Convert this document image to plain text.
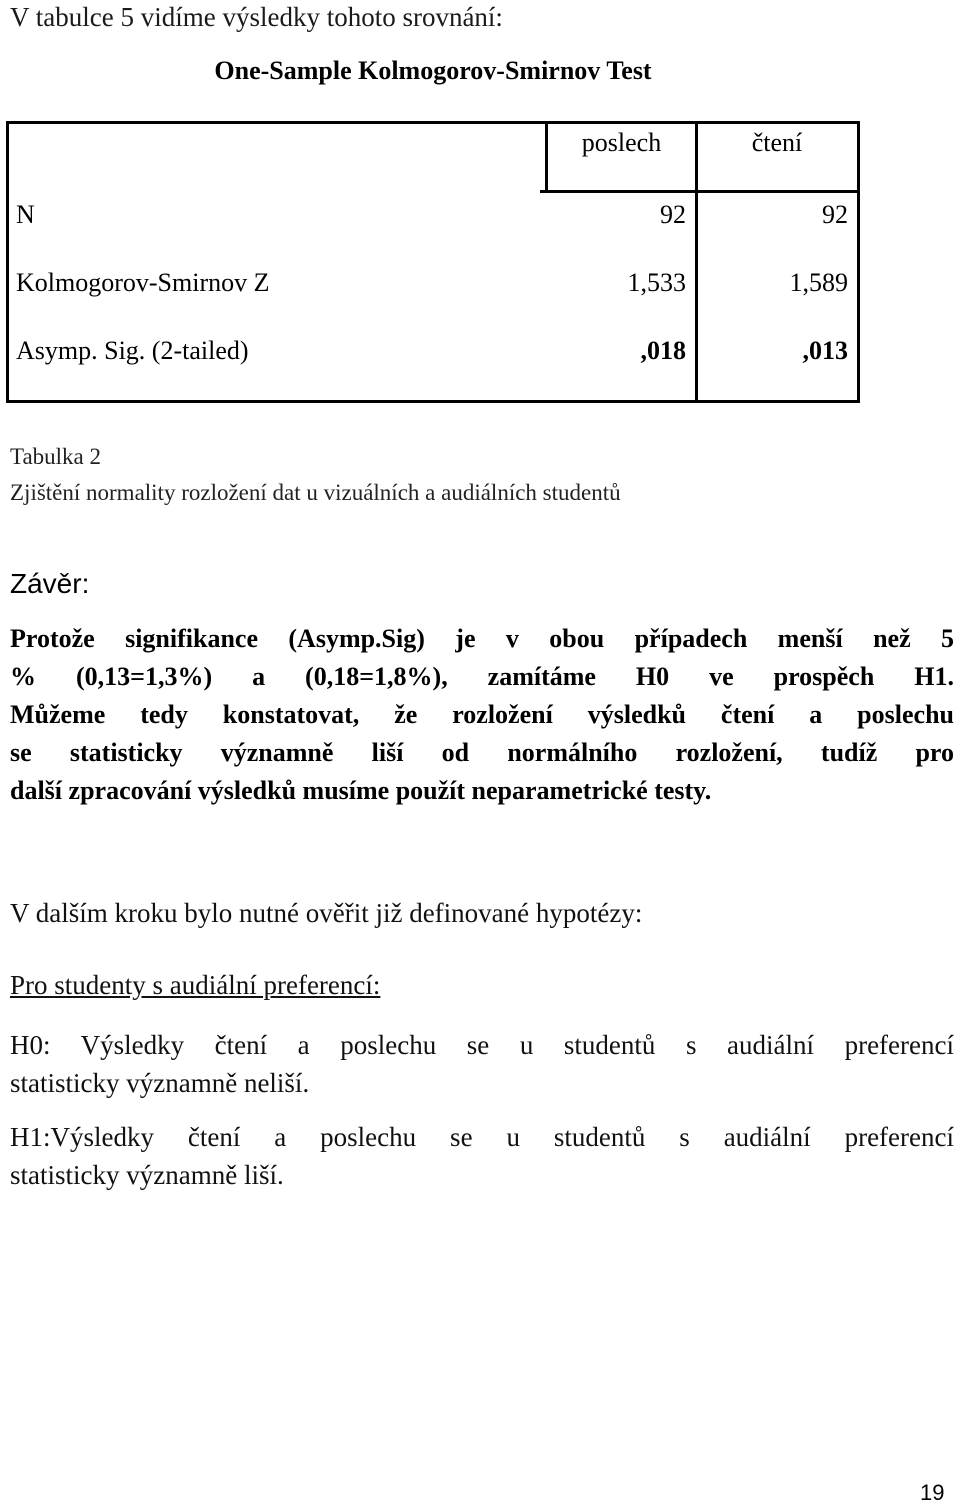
V tabulce 5 vidíme výsledky tohoto srovnání:
One-Sample Kolmogorov-Smirnov Test
poslech	čtení
N	92	92
Kolmogorov-Smirnov Z	1,533	1,589
Asymp. Sig. (2-tailed)	,018	,013
Tabulka 2
Zjištění normality rozložení dat u vizuálních a audiálních studentů
Závěr:
Protože signifikance (Asymp.Sig) je v obou případech menší než 5
% (0,13=1,3%) a (0,18=1,8%), zamítáme H0 ve prospěch H1.
Můžeme tedy konstatovat, že rozložení výsledků čtení a poslechu
se statisticky významně liší od normálního rozložení, tudíž pro
další zpracování výsledků musíme použít neparametrické testy.
V dalším kroku bylo nutné ověřit již definované hypotézy:
Pro studenty s audiální preferencí:
H0: Výsledky čtení a poslechu se u studentů s audiální preferencí
statisticky významně neliší.
H1:Výsledky čtení a poslechu se u studentů s audiální preferencí
statisticky významně liší.
19
